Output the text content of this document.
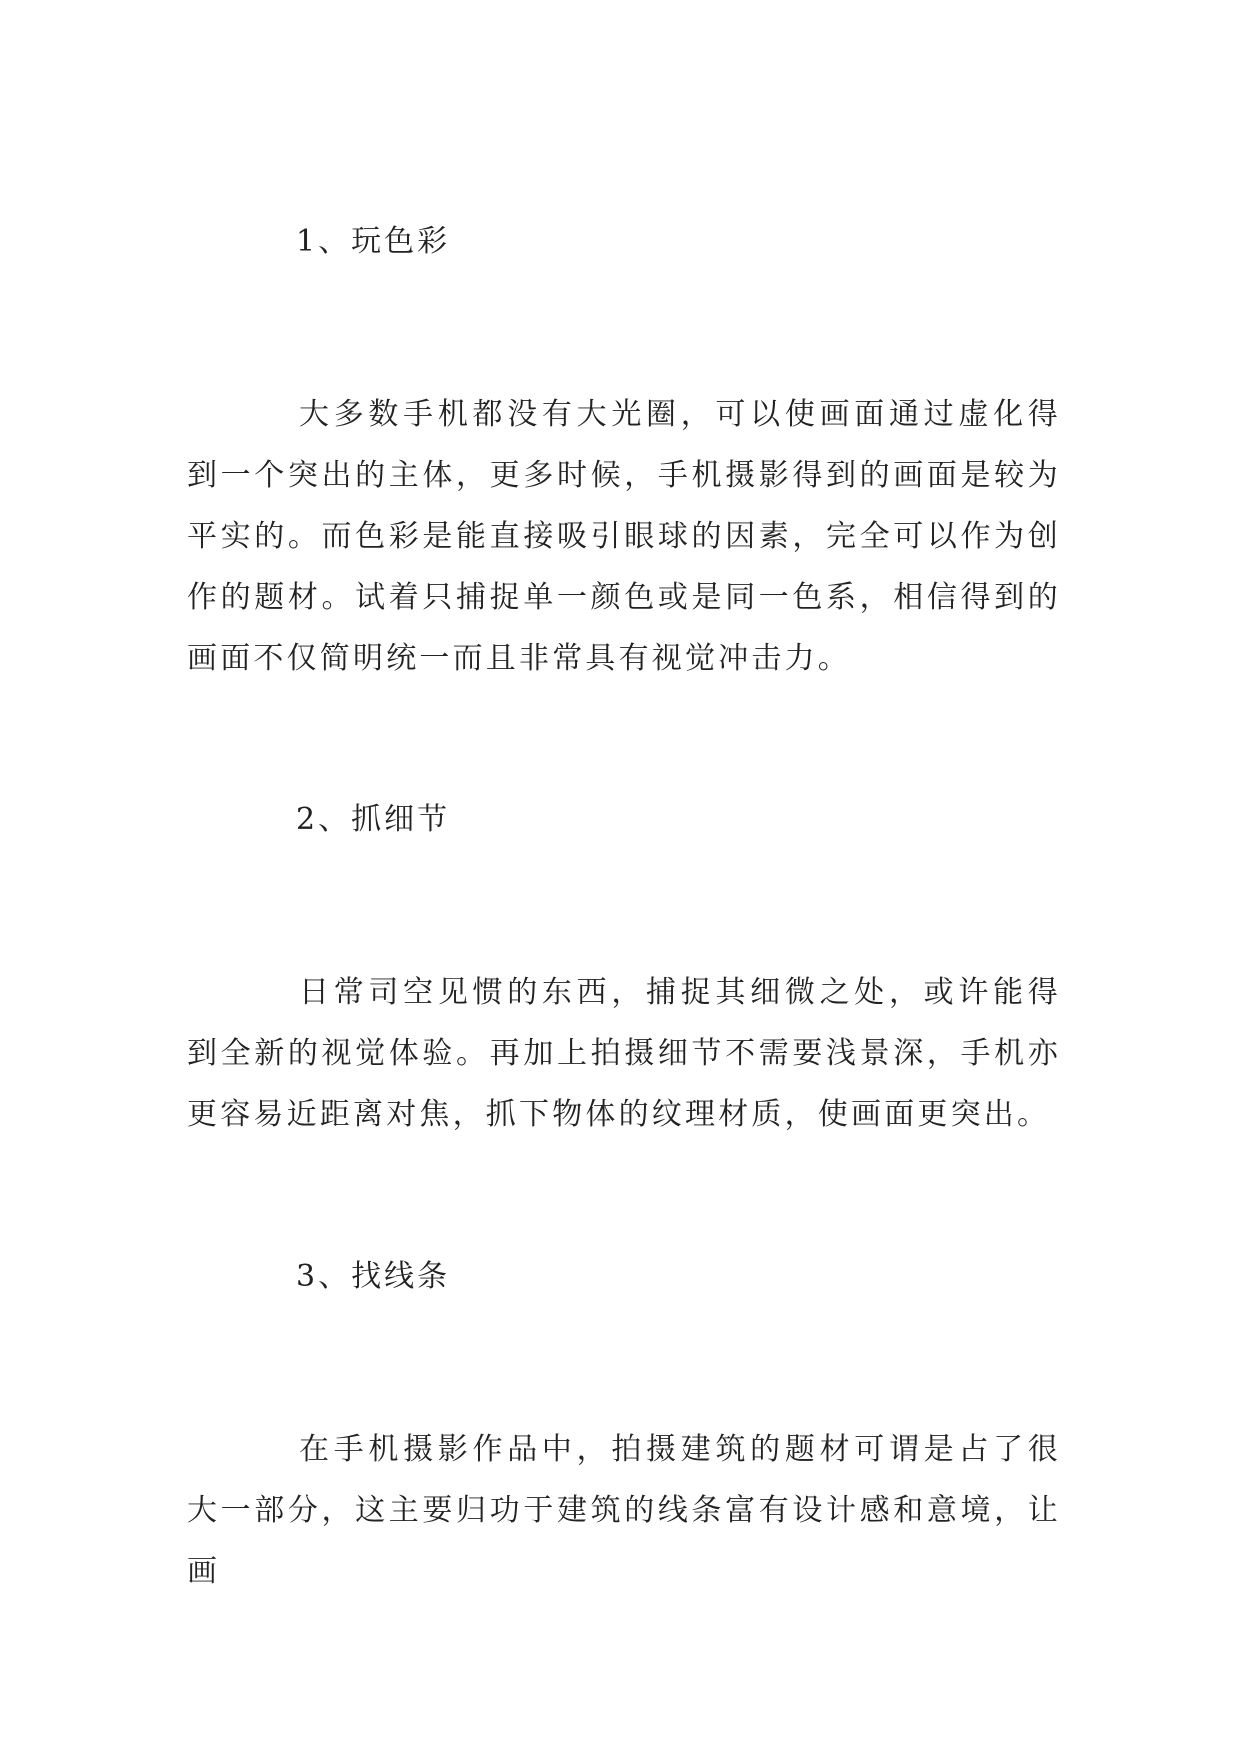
1、玩色彩
大多数手机都没有大光圈，可以使画面通过虚化得到一个突出的主体，更多时候，手机摄影得到的画面是较为平实的。而色彩是能直接吸引眼球的因素，完全可以作为创作的题材。试着只捕捉单一颜色或是同一色系，相信得到的画面不仅简明统一而且非常具有视觉冲击力。
2、抓细节
日常司空见惯的东西，捕捉其细微之处，或许能得到全新的视觉体验。再加上拍摄细节不需要浅景深，手机亦更容易近距离对焦，抓下物体的纹理材质，使画面更突出。
3、找线条
在手机摄影作品中，拍摄建筑的题材可谓是占了很大一部分，这主要归功于建筑的线条富有设计感和意境，让画
